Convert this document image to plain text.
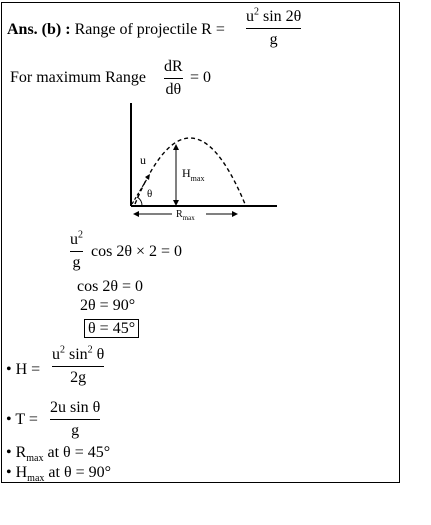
Ans. (b) : Range of projectile R =
$u^2$ sin 2θ
g
For maximum Range
dR
dθ
= 0
u
θ
$H_{max}$
$R_{max}$
$u^2$
g
cos 2θ × 2 = 0
cos 2θ = 0
2θ = 90°
θ = 45°
• H =
$u^2$ $\sin^2 \theta$
2g
• T =
2u sin θ
g
• $R_{max}$ at θ = 45°
• $H_{max}$ at θ = 90°
